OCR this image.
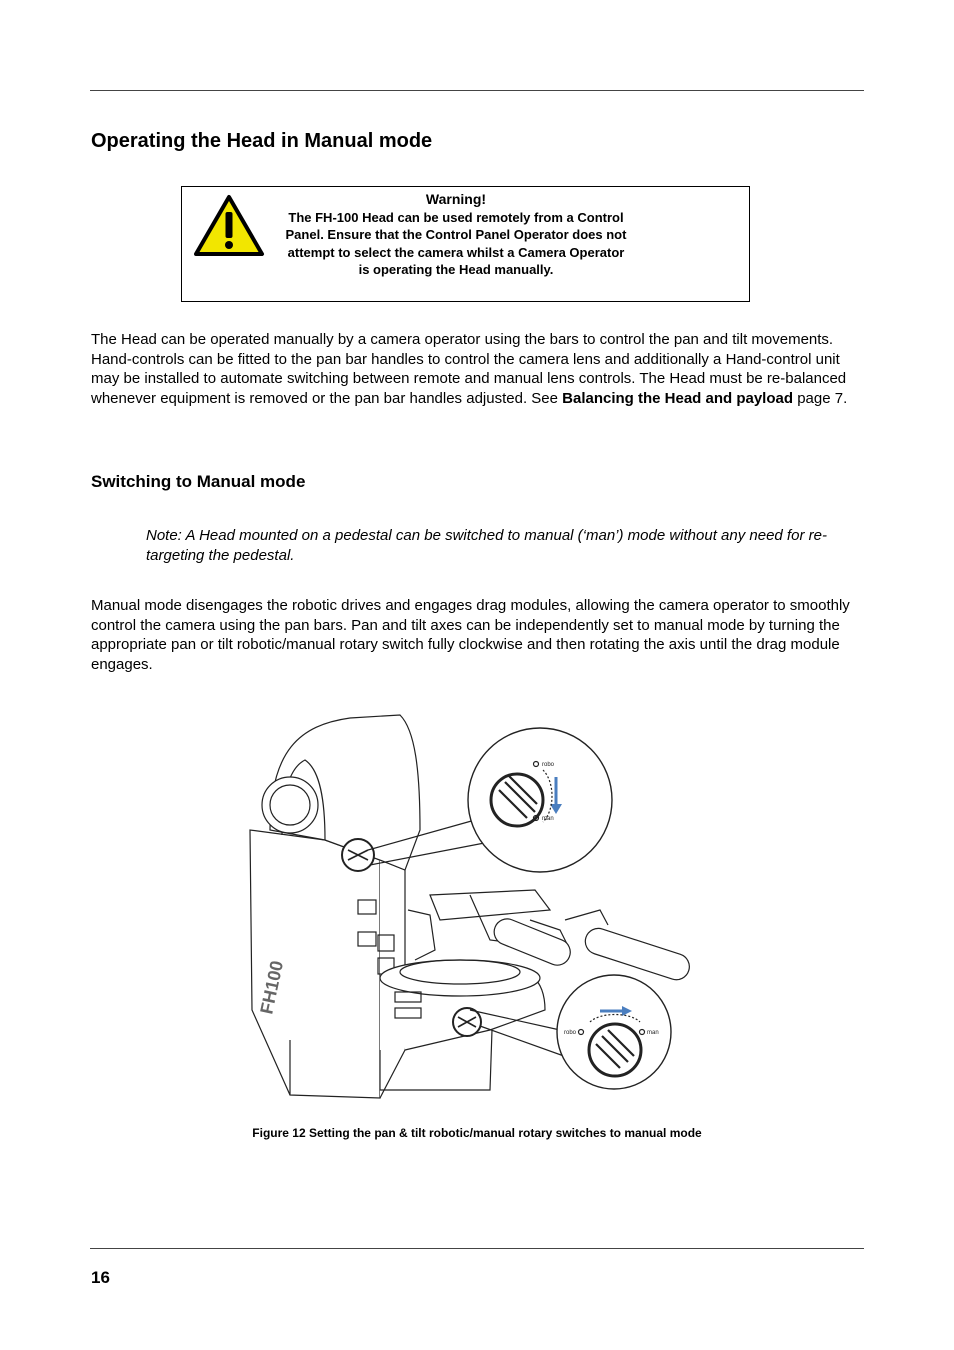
Operating the Head in Manual mode
Warning!
The FH-100 Head can be used remotely from a Control Panel. Ensure that the Control Panel Operator does not attempt to select the camera whilst a Camera Operator is operating the Head manually.

The Head can be operated manually by a camera operator using the bars to control the pan and tilt movements. Hand-controls can be fitted to the pan bar handles to control the camera lens and additionally a Hand-control unit may be installed to automate switching between remote and manual lens controls. The Head must be re-balanced whenever equipment is removed or the pan bar handles adjusted. See Balancing the Head and payload page 7.

Switching to Manual mode

Note: A Head mounted on a pedestal can be switched to manual (‘man’) mode without any need for re-targeting the pedestal.

Manual mode disengages the robotic drives and engages drag modules, allowing the camera operator to smoothly control the camera using the pan bars. Pan and tilt axes can be independently set to manual mode by turning the appropriate pan or tilt robotic/manual rotary switch fully clockwise and then rotating the axis until the drag module engages.

robo
man
robo	man
FH100
Figure 12 Setting the pan & tilt robotic/manual rotary switches to manual mode
16
